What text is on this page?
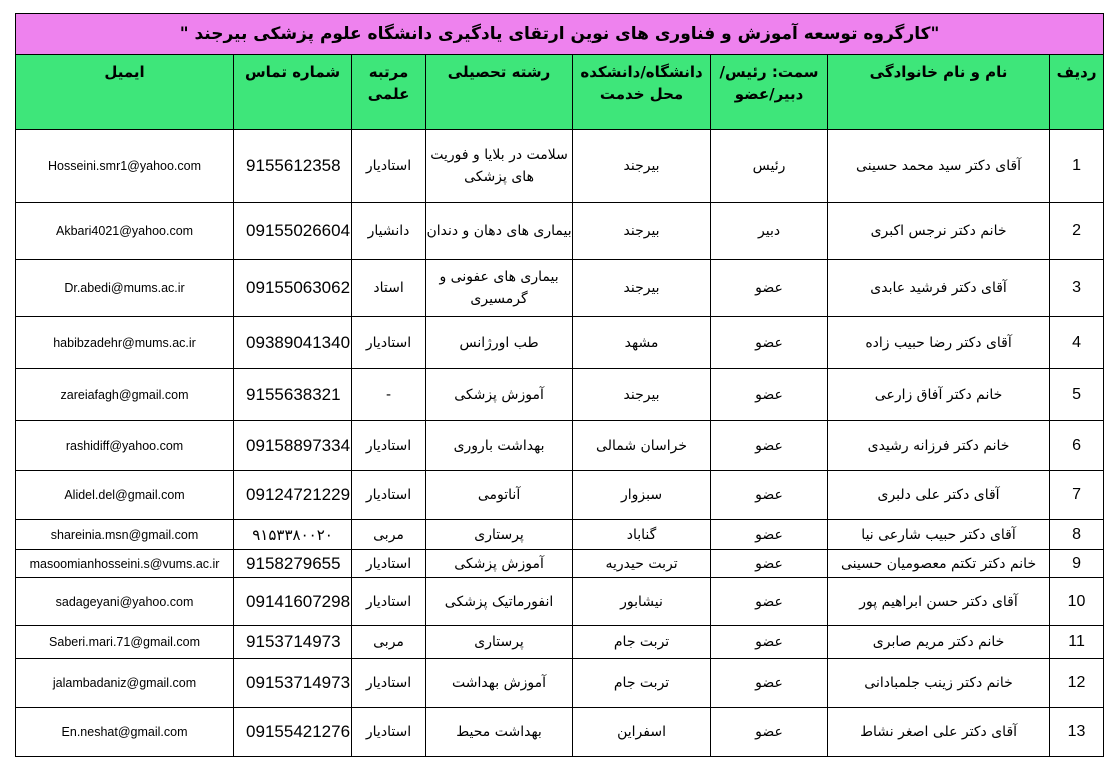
"کارگروه توسعه آموزش و فناوری های نوین ارتقای یادگیری دانشگاه علوم پزشکی بیرجند "							
ردیف	نام و نام خانوادگی	سمت: رئیس/دبیر/عضو	دانشگاه/دانشکده محل خدمت	رشته تحصیلی	مرتبه علمی	شماره تماس	ایمیل
1	آقای دکتر سید محمد حسینی	رئیس	بیرجند	سلامت در بلایا و فوریت های پزشکی	استادیار	9155612358	Hosseini.smr1@yahoo.com
2	خانم دکتر نرجس اکبری	دبیر	بیرجند	بیماری های دهان و دندان	دانشیار	09155026604	Akbari4021@yahoo.com
3	آقای دکتر فرشید عابدی	عضو	بیرجند	بیماری های عفونی و گرمسیری	استاد	09155063062	Dr.abedi@mums.ac.ir
4	آقای دکتر رضا حبیب زاده	عضو	مشهد	طب اورژانس	استادیار	09389041340	habibzadehr@mums.ac.ir
5	خانم دکتر آفاق زارعی	عضو	بیرجند	آموزش پزشکی	-	9155638321	zareiafagh@gmail.com
6	خانم دکتر فرزانه رشیدی	عضو	خراسان شمالی	بهداشت باروری	استادیار	09158897334	rashidiff@yahoo.com
7	آقای دکتر علی دلبری	عضو	سبزوار	آناتومی	استادیار	09124721229	Alidel.del@gmail.com
8	آقای دکتر حبیب شارعی نیا	عضو	گناباد	پرستاری	مربی	۹۱۵۳۳۸۰۰۲۰	shareinia.msn@gmail.com
9	خانم دکتر تکتم معصومیان حسینی	عضو	تربت حیدریه	آموزش پزشکی	استادیار	9158279655	masoomianhosseini.s@vums.ac.ir
10	آقای دکتر حسن ابراهیم پور	عضو	نیشابور	انفورماتیک پزشکی	استادیار	09141607298	sadageyani@yahoo.com
11	خانم دکتر مریم صابری	عضو	تربت جام	پرستاری	مربی	9153714973	Saberi.mari.71@gmail.com
12	خانم دکتر زینب جلمبادانی	عضو	تربت جام	آموزش بهداشت	استادیار	09153714973	jalambadaniz@gmail.com
13	آقای دکتر علی اصغر نشاط	عضو	اسفراین	بهداشت محیط	استادیار	09155421276	En.neshat@gmail.com
